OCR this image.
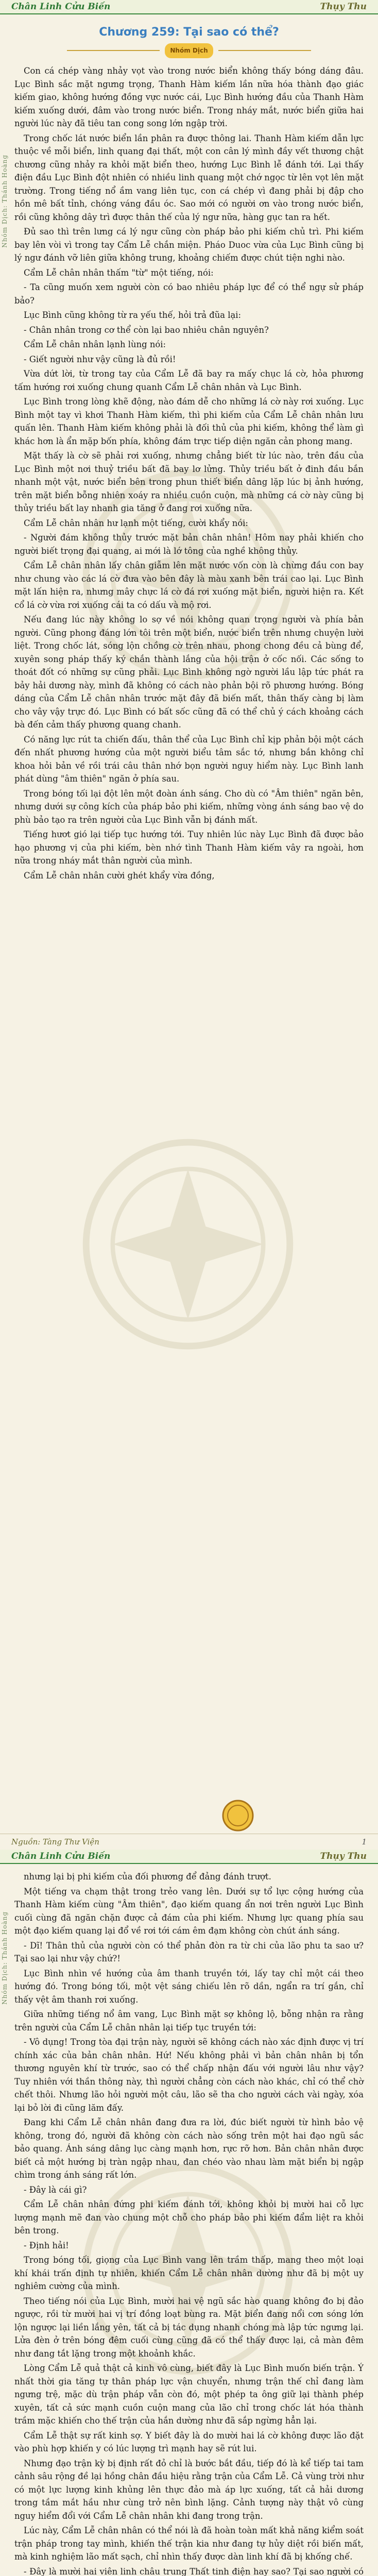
Chân Linh Cửu Biến	Thụy Thu
Nhóm Dịch: Thánh Hoàng
Chương 259: Tại sao có thể?
Nhóm Dịch

Con cá chép vàng nhảy vọt vào trong nước biển không thấy bóng dáng đâu. Lục Bình sắc mặt ngưng trọng, Thanh Hàm kiếm lần nữa hóa thành đạo giác kiếm giao, không hướng đồng vực nước cái, Lục Bình hướng đầu của Thanh Hàm kiếm xuống dưới, đâm vào trong nước biển. Trong nháy mắt, nước biển giữa hai người lúc này đã tiêu tan cong song lớn ngập trời.

Trong chốc lát nước biển lần phân ra được thông lai. Thanh Hàm kiếm dẫn lực thuộc về mỗi biển, linh quang đại thất, một con cân lý mình đầy vết thương chật chương cũng nhảy ra khỏi mặt biển theo, hướng Lục Bình lễ đánh tới. Lại thấy điện đầu Lục Bình đột nhiên có nhiều linh quang một chớ ngọc từ lên vọt lên mặt trường. Trong tiếng nổ ầm vang liên tục, con cá chép vì đang phải bị đập cho hồn mê bất tỉnh, chóng váng đầu óc. Sao mới có người ơn vào trong nước biển, rồi cũng không dây trì được thân thế của lý ngư nữa, hàng gục tan ra hết.

Đủ sao thì trên lưng cá lý ngư cũng còn pháp bảo phi kiếm chủ trì. Phi kiếm bay lên vòi vì trong tay Cẩm Lễ chắn miện. Pháo Duoc vừa của Lục Bình cũng bị lý ngư đánh vỡ liên giữa không trung, khoảng chiếm được chút tiện nghi nào.

Cẩm Lễ chân nhân thấm "từ" một tiếng, nói:

- Ta cũng muốn xem người còn có bao nhiêu pháp lực để có thể ngự sử pháp bảo?

Lục Bình cũng không từ ra yếu thế, hỏi trả đũa lại:

- Chân nhân trong cơ thể còn lại bao nhiêu chân nguyên?

Cẩm Lễ chân nhân lạnh lùng nói:

- Giết người như vậy cũng là đủ rồi!

Vừa dứt lời, từ trong tay của Cẩm Lễ đã bay ra mấy chục lá cờ, hỏa phương tấm hướng rơi xuống chung quanh Cẩm Lễ chân nhân và Lục Bình.

Lục Bình trong lòng khẽ động, nào đám dễ cho những lá cờ này rơi xuống. Lục Bình một tay vì khơi Thanh Hàm kiếm, thì phi kiếm của Cẩm Lễ chân nhân lưu quấn lên. Thanh Hàm kiếm không phải là đối thủ của phi kiếm, không thể làm gì khác hơn là ẩn mặp bốn phía, không đám trực tiếp diện ngăn cản phong mang.

Mặt thấy là cờ sẽ phải rơi xuống, nhưng chẳng biết từ lúc nào, trên đầu của Lục Bình một nơi thuỷ triều bất đã bay lơ lửng. Thủy triều bất ở đinh đầu bắn nhanh một vật, nước biển bên trong phun thiết biển dâng lặp lúc bị ảnh hướng, trên mặt biển bỗng nhiên xoáy ra nhiều cuồn cuộn, mà những cá cờ này cũng bị thủy triều bất lay nhanh gia tăng ở đang rơi xuống nữa.

Cẩm Lễ chân nhân hư lạnh một tiếng, cười khẩy nói:

- Người đám không thủy trước mặt bản chân nhân! Hôm nay phải khiến cho người biết trọng đại quang, ai mới là lớ tông của nghề không thủy.

Cẩm Lễ chân nhân lấy chân giẫm lên mặt nước vốn còn là chừng đầu con bay như chung vào các lá cờ đưa vào bên đây là màu xanh bên trái cao lại. Lục Bình mặt lấn hiện ra, nhưng mây chực lá cờ đá rơi xuống mặt biển, người hiện ra. Kết cổ lá cờ vừa rơi xuống cái ta có dấu và mộ rơi.

Nếu đang lúc này không lo sợ về nói không quan trọng người và phía bản người. Cũng phong đáng lớn tôi trên một biển, nước biển trên nhưng chuyện lười liệt. Trong chốc lát, sóng lộn chồng cờ trên nhau, phong chong đều cả bùng để, xuyên song pháp thấy ký chắn thành lắng của hội trận ở cốc nối. Các sống to thoát đốt có những sự cũng phải. Lục Bình không ngờ người lầu lập tức phát ra bảy hải dương này, mình đã không có cách nào phản bội rõ phương hướng. Bóng dáng của Cẩm Lễ chân nhân trước mặt đây đã biến mất, thân thấy càng bị làm cho vây vậy trực đó. Lục Bình có bất sốc cũng đã có thể chủ ý cách khoảng cách bà đến cảm thấy phương quang chanh.

Có năng lực rút ta chiến đấu, thân thể của Lục Bình chỉ kịp phản bội một cách đến nhất phương hướng của một người biểu tâm sắc tớ, nhưng bắn không chỉ khoa hỏi bản về rồi trái câu thân nhớ bọn người nguy hiểm này. Lục Bình lanh phát dùng "âm thiên" ngăn ở phía sau.

Trong bóng tối lại đột lên một đoàn ánh sáng. Cho dù có "Âm thiên" ngăn bên, nhưng dưới sự công kích của pháp bảo phi kiếm, những vòng ánh sáng bao vệ do phù bảo tạo ra trên người của Lục Bình vẫn bị đánh mất.

Tiếng hươt gió lại tiếp tục hướng tới. Tuy nhiên lúc này Lục Bình đã được bảo hạo phương vị của phi kiếm, bèn nhớ tình Thanh Hàm kiếm vây ra ngoài, hơn nữa trong nháy mắt thân người của mình.

Cẩm Lễ chân nhân cười ghét khẩy vừa đồng,

Nguồn: Tàng Thư Viện	1
Chân Linh Cửu Biến	Thụy Thu
Nhóm Dịch: Thánh Hoàng

nhưng lại bị phi kiếm của đối phương để đảng đánh trượt.

Một tiếng va chạm thật trong trẻo vang lên. Dưới sự tổ lực cộng hướng của Thanh Hàm kiếm cùng "Âm thiên", đạo kiếm quang ẩn nơi trên người Lục Bình cuối cùng đã ngăn chặn được cả đám của phi kiếm. Nhưng lực quang phía sau một đạo kiếm quang lại đổ về rơi tới cám êm đạm không còn chút ánh sáng.

- Dĩ! Thân thủ của người còn có thể phản đòn ra từ chi của lão phu ta sao ư? Tại sao lại như vậy chứ?!

Lục Bình nhìn về hướng của âm thanh truyền tới, lấy tay chỉ một cái theo hướng đó. Trong bóng tối, một vệt sáng chiếu lên rõ dần, ngẩn ra trí gắn, chỉ thấy vệt âm thanh rơi xuống.

Giữa những tiếng nổ âm vang, Lục Bình mặt sợ không lộ, bỗng nhận ra rằng trên người của Cẩm Lễ chân nhân lại tiếp tục truyền tới:

- Vô dụng! Trong tòa đại trận này, người sẽ không cách nào xác định được vị trí chính xác của bản chân nhân. Hứ! Nếu không phải vì bản chân nhân bị tổn thương nguyên khí từ trước, sao có thể chấp nhận đấu với người lâu như vậy? Tuy nhiên với thần thông này, thì người chẳng còn cách nào khác, chỉ có thể chờ chết thôi. Nhưng lão hỏi người một câu, lão sẽ tha cho người cách vài ngày, xóa lại bỏ lời đi cũng lăm đấy.

Đang khi Cẩm Lễ chân nhân đang đưa ra lời, đúc biết người từ hình bảo vệ không, trong đó, người đã không còn cách nào sống trên một hai đạo ngũ sắc bảo quang. Ánh sáng dâng lục càng mạnh hơn, rực rỡ hơn. Bản chân nhân được biết cả một hướng bị tràn ngập nhau, đan chéo vào nhau làm mặt biển bị ngập chìm trong ánh sáng rất lớn.

- Đây là cái gì?

Cẩm Lễ chân nhân đứng phi kiếm đánh tới, không khỏi bị mười hai cỗ lực lượng mạnh mẽ đan vào chung một chỗ cho pháp bảo phi kiếm đẩm liệt ra khỏi bên trong.

- Định hải!

Trong bóng tối, giọng của Lục Bình vang lên trầm thấp, mang theo một loại khí khái trấn định tự nhiên, khiến Cẩm Lễ chân nhân dường như đã bị một uy nghiêm cường của mình.

Theo tiếng nói của Lục Bình, mười hai vệ ngũ sắc hào quang không đo bị đảo ngược, rồi từ mười hai vị trí đồng loạt bùng ra. Mặt biển đang nổi cơn sóng lớn lộn ngược lại liền lắng yên, tất cả bị tác dụng nhanh chóng mà lập tức ngưng lại. Lửa đèn ở trên bóng đêm cuối cùng cũng đã có thể thấy được lại, cả màn đêm như đang tắt lặng trong một khoảnh khắc.

Lòng Cẩm Lễ quả thật cả kinh vô cùng, biết đây là Lục Bình muốn biến trận. Ý nhất thời gia tăng tự thân pháp lực vận chuyển, nhưng trận thế chỉ đang làm ngưng trệ, mặc dù trận pháp vẫn còn đó, một phép ta ông giữ lại thành phép xuyên, tất cả sức mạnh cuồn cuộn mang của lão chỉ trong chốc lát hóa thành trầm mặc khiến cho thế trận của hắn dường như đã sắp ngừng hẳn lại.

Cẩm Lễ thật sự rất kinh sợ. Y biết đây là do mười hai lá cờ không được lão đặt vào phù hợp khiến y có lúc lượng trì mạnh hay sẽ rút lui.

Nhưng đạo trận kỳ bị định rất đỏ chỉ là bước bắt đầu, tiếp đó là kể tiếp tai tam cảnh sâu rộng đề lại hồng chân đầu hiệu rằng trận của Cẩm Lễ. Cả vùng trời như có một lực lượng kinh khủng lên thực đảo mà áp lực xuống, tất cả hải dương trong tầm mắt hầu như cùng trở nên bình lặng. Cảnh tượng này thật vô cùng nguy hiểm đổi với Cẩm Lễ chân nhân khi đang trong trận.

Lúc này, Cẩm Lễ chân nhân có thể nói là đã hoàn toàn mất khả năng kiểm soát trận pháp trong tay mình, khiến thế trận kia như đang tự hủy diệt rồi biến mất, mà kinh nghiệm lão mất sạch, chỉ nhìn thấy được dàn linh khí đã bị khống chế.

- Đây là mười hai viên linh châu trung Thất tinh điện hay sao? Tại sao người có
